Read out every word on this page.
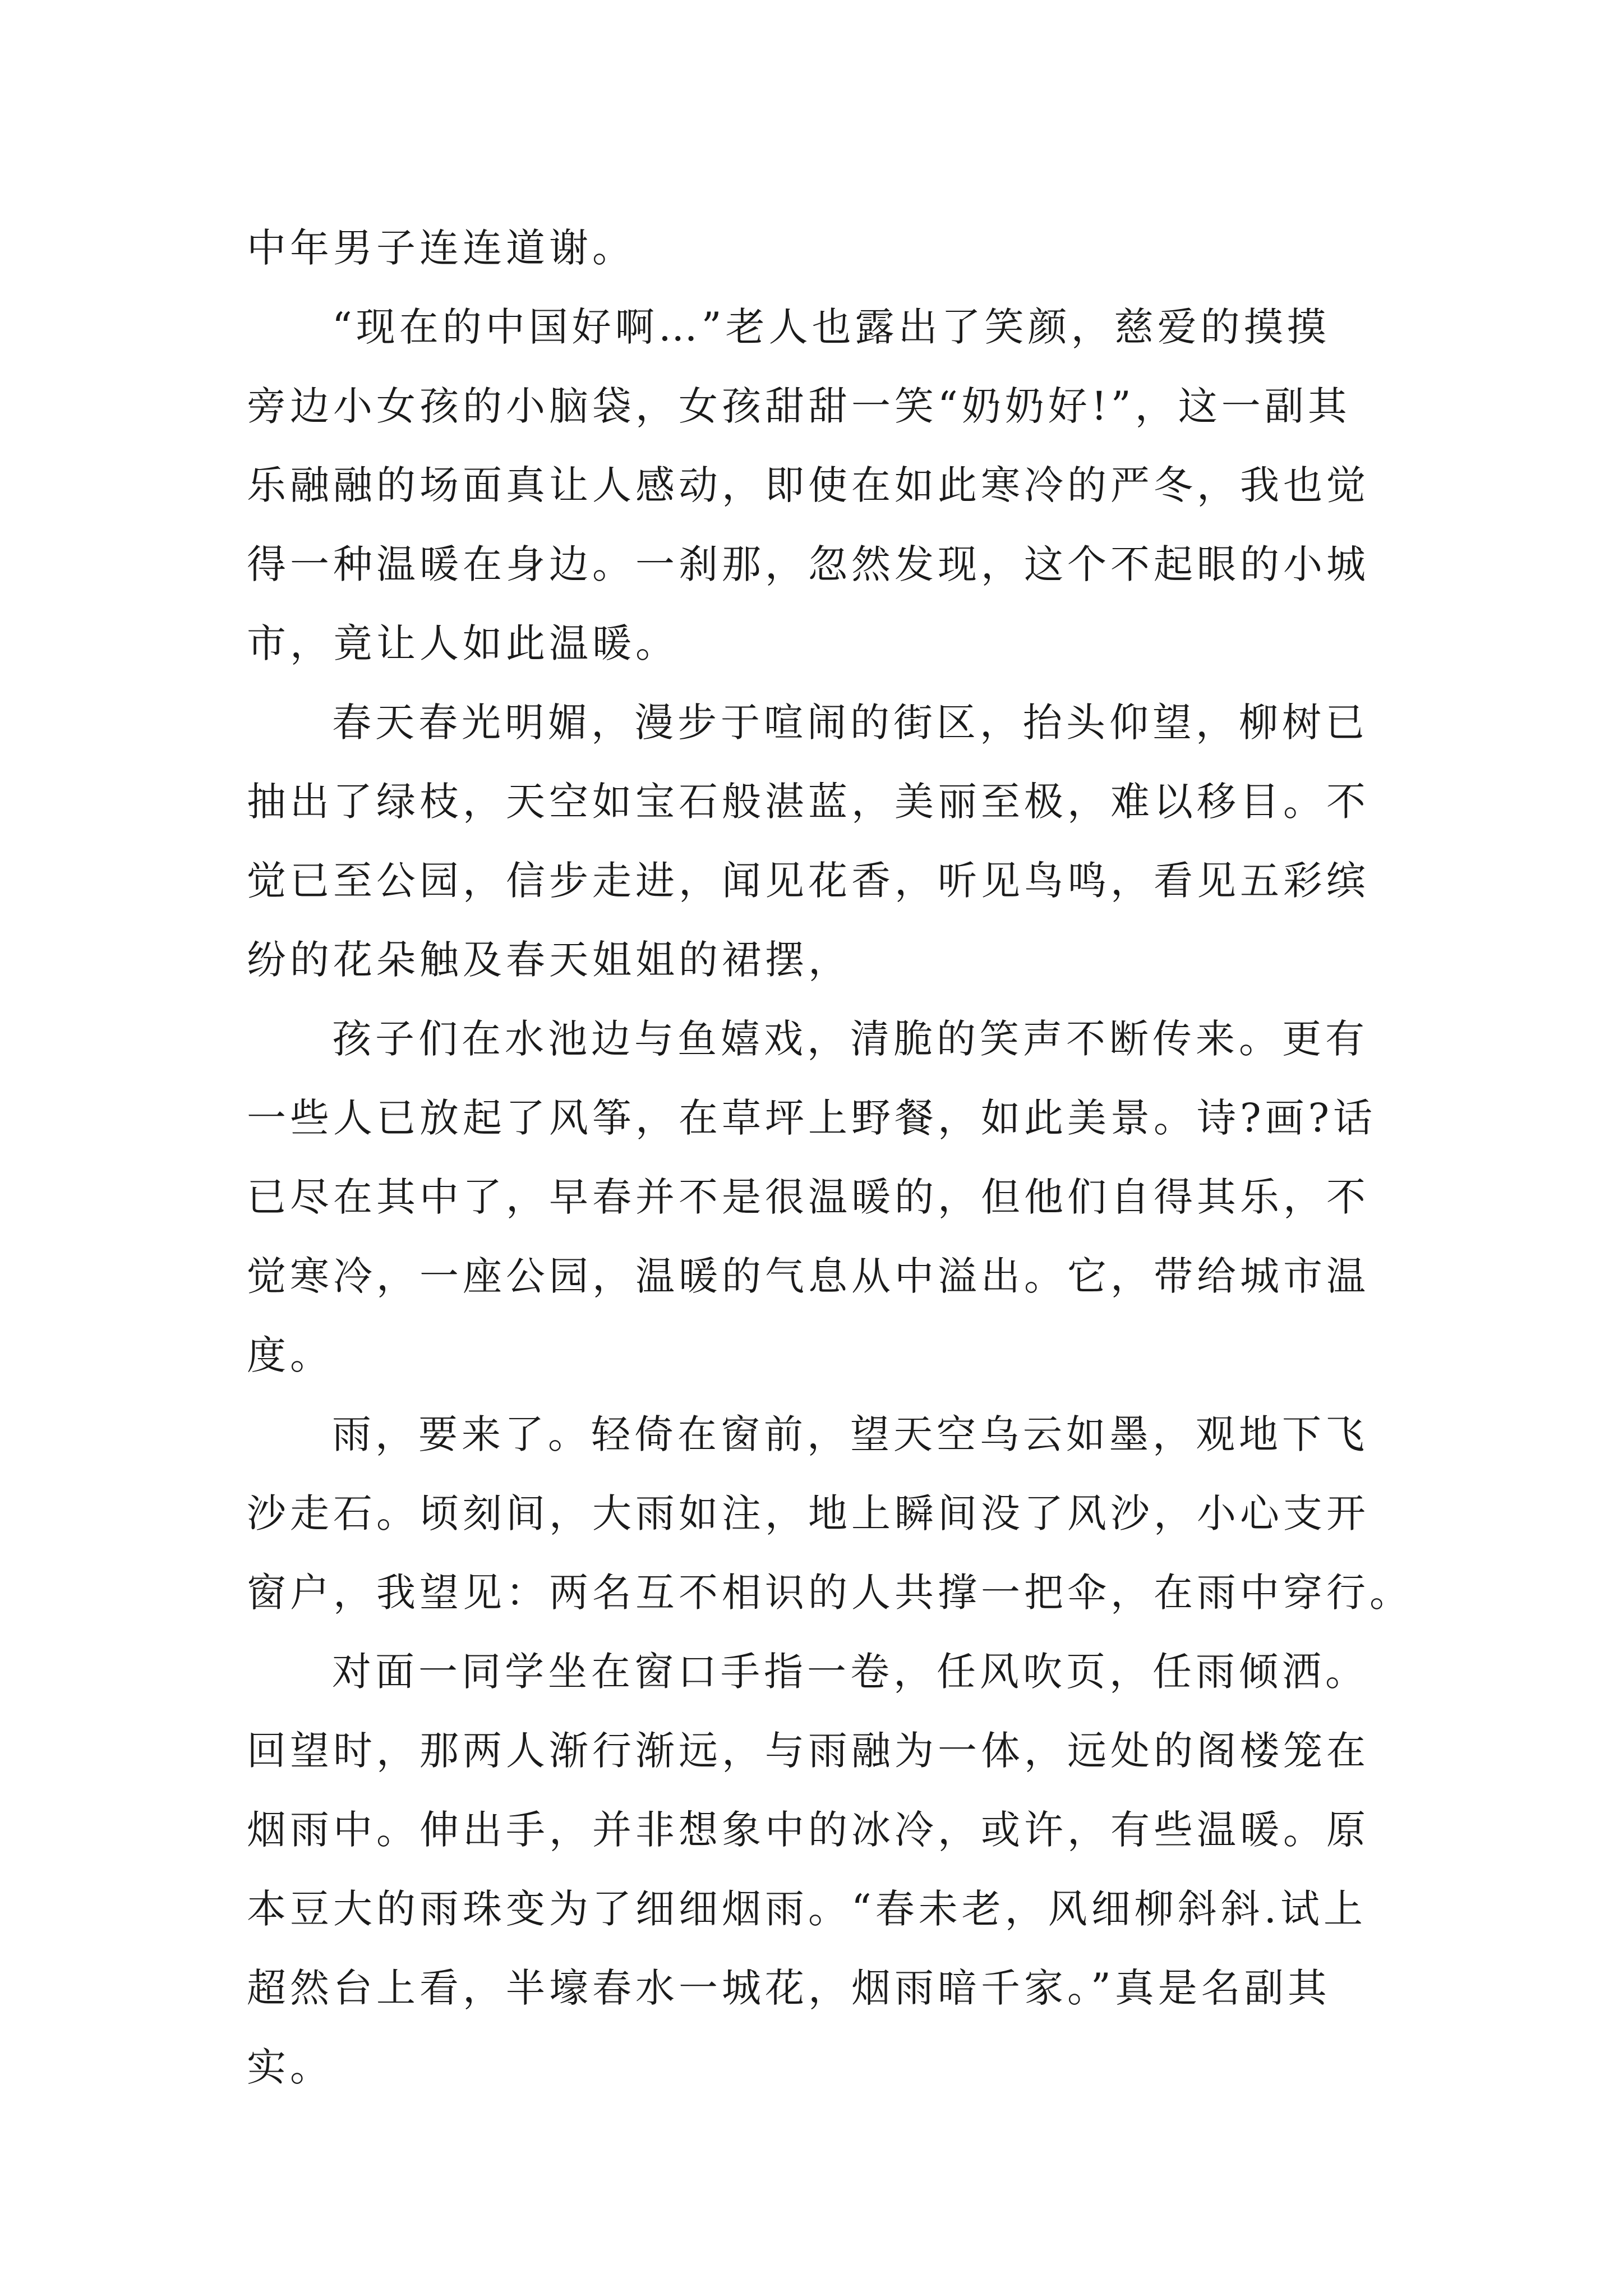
中年男子连连道谢。
“现在的中国好啊…”老人也露出了笑颜，慈爱的摸摸
旁边小女孩的小脑袋，女孩甜甜一笑“奶奶好!”，这一副其
乐融融的场面真让人感动，即使在如此寒冷的严冬，我也觉
得一种温暖在身边。一刹那，忽然发现，这个不起眼的小城
市，竟让人如此温暖。
春天春光明媚，漫步于喧闹的街区，抬头仰望，柳树已
抽出了绿枝，天空如宝石般湛蓝，美丽至极，难以移目。不
觉已至公园，信步走进，闻见花香，听见鸟鸣，看见五彩缤
纷的花朵触及春天姐姐的裙摆，
孩子们在水池边与鱼嬉戏，清脆的笑声不断传来。更有
一些人已放起了风筝，在草坪上野餐，如此美景。诗?画?话
已尽在其中了，早春并不是很温暖的，但他们自得其乐，不
觉寒冷，一座公园，温暖的气息从中溢出。它，带给城市温
度。
雨，要来了。轻倚在窗前，望天空乌云如墨，观地下飞
沙走石。顷刻间，大雨如注，地上瞬间没了风沙，小心支开
窗户，我望见：两名互不相识的人共撑一把伞，在雨中穿行。
对面一同学坐在窗口手指一卷，任风吹页，任雨倾洒。
回望时，那两人渐行渐远，与雨融为一体，远处的阁楼笼在
烟雨中。伸出手，并非想象中的冰冷，或许，有些温暖。原
本豆大的雨珠变为了细细烟雨。“春未老，风细柳斜斜.试上
超然台上看，半壕春水一城花，烟雨暗千家。”真是名副其
实。
